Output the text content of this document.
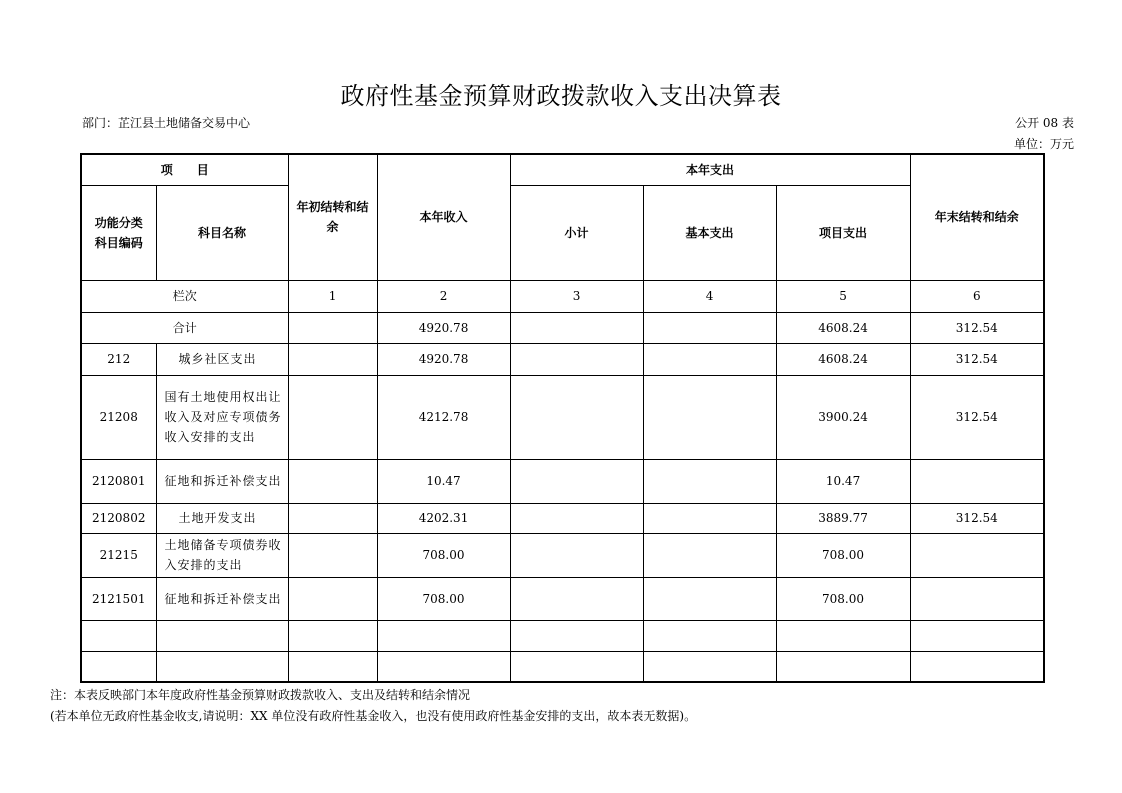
政府性基金预算财政拨款收入支出决算表
部门：芷江县土地储备交易中心	公开 08 表
单位：万元
项　　目		年初结转和结余	本年收入	本年支出			年末结转和结余
功能分类科目编码	科目名称			小计	基本支出	项目支出	
栏次		1	2	3	4	5	6
合计			4920.78			4608.24	312.54
212	城乡社区支出		4920.78			4608.24	312.54
21208	国有土地使用权出让收入及对应专项债务收入安排的支出		4212.78			3900.24	312.54
2120801	征地和拆迁补偿支出		10.47			10.47	
2120802	土地开发支出		4202.31			3889.77	312.54
21215	土地储备专项债券收入安排的支出		708.00			708.00	
2121501	征地和拆迁补偿支出		708.00			708.00	

注：本表反映部门本年度政府性基金预算财政拨款收入、支出及结转和结余情况
(若本单位无政府性基金收支,请说明：XX 单位没有政府性基金收入，也没有使用政府性基金安排的支出，故本表无数据)。
